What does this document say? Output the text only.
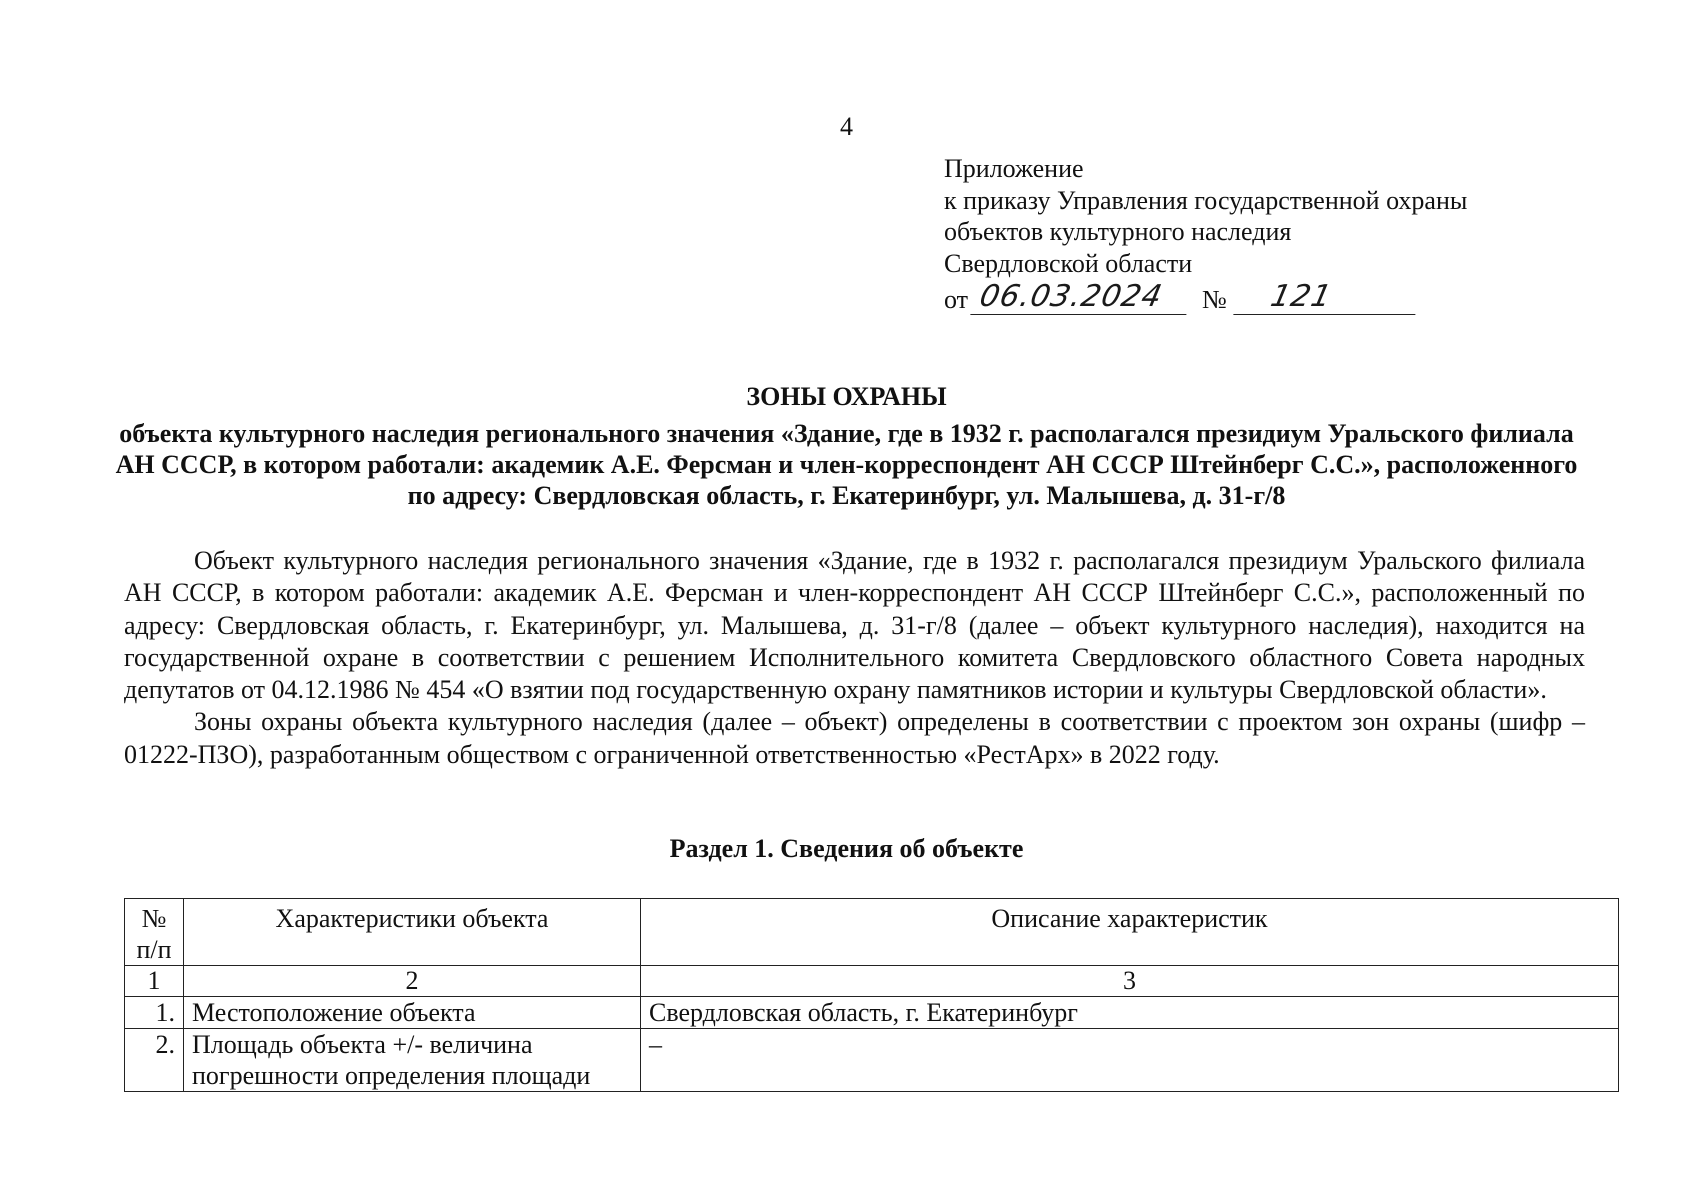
4
Приложение
к приказу Управления государственной охраны
объектов культурного наследия
Свердловской области
от 06.03.2024	№	121
ЗОНЫ ОХРАНЫ
объекта культурного наследия регионального значения «Здание, где в 1932 г. располагался президиум Уральского филиала АН СССР, в котором работали: академик А.Е. Ферсман и член-корреспондент АН СССР Штейнберг С.С.», расположенного по адресу: Свердловская область, г. Екатеринбург, ул. Малышева, д. 31-г/8

Объект культурного наследия регионального значения «Здание, где в 1932 г. располагался президиум Уральского филиала АН СССР, в котором работали: академик А.Е. Ферсман и член-корреспондент АН СССР Штейнберг С.С.», расположенный по адресу: Свердловская область, г. Екатеринбург, ул. Малышева, д. 31-г/8 (далее – объект культурного наследия), находится на государственной охране в соответствии с решением Исполнительного комитета Свердловского областного Совета народных депутатов от 04.12.1986 № 454 «О взятии под государственную охрану памятников истории и культуры Свердловской области».

Зоны охраны объекта культурного наследия (далее – объект) определены в соответствии с проектом зон охраны (шифр – 01222-ПЗО), разработанным обществом с ограниченной ответственностью «РестАрх» в 2022 году.

Раздел 1. Сведения об объекте
№ п/п	Характеристики объекта	Описание характеристик
1	2	3
1.	Местоположение объекта	Свердловская область, г. Екатеринбург
2.	Площадь объекта +/- величина погрешности определения площади	–
